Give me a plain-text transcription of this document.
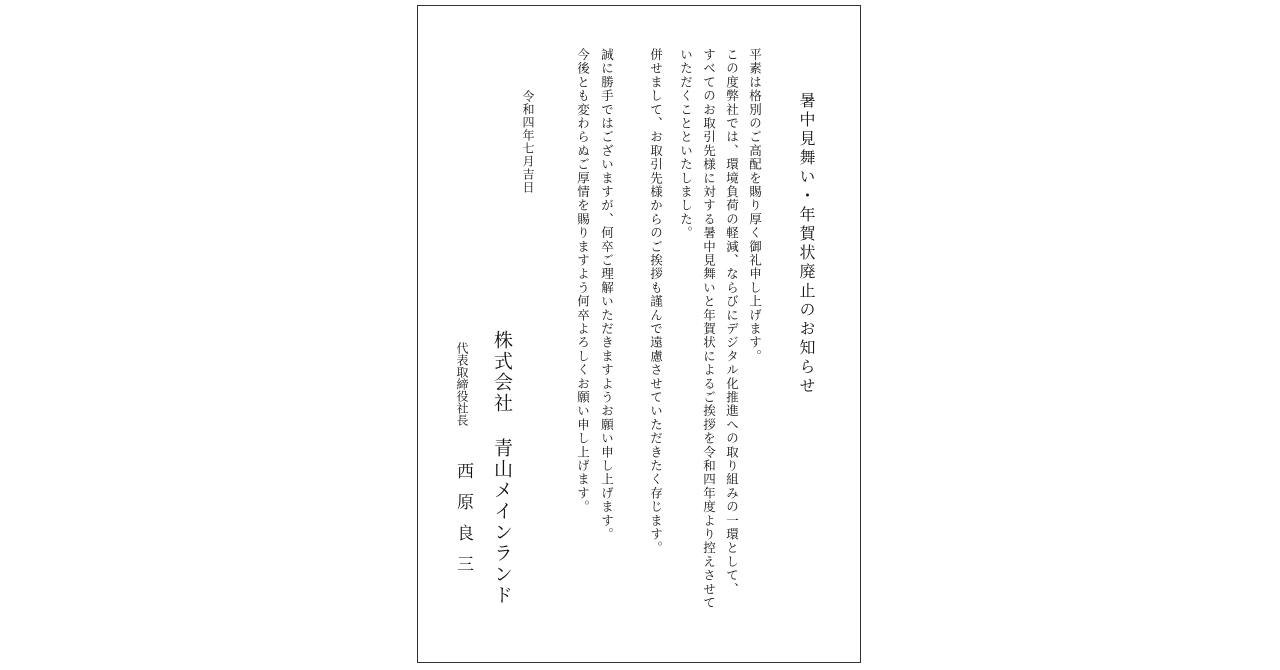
暑中見舞い・年賀状廃止のお知らせ
平素は格別のご高配を賜り厚く御礼申し上げます。
この度弊社では、環境負荷の軽減、ならびにデジタル化推進への取り組みの一環として、
すべてのお取引先様に対する暑中見舞いと年賀状によるご挨拶を令和四年度より控えさせて
いただくことといたしました。
併せまして、お取引先様からのご挨拶も謹んで遠慮させていただきたく存じます。
誠に勝手ではございますが、何卒ご理解いただきますようお願い申し上げます。
今後とも変わらぬご厚情を賜りますよう何卒よろしくお願い申し上げます。
令和四年七月吉日
株式会社 青山メインランド
代表取締役社長
西原良三
